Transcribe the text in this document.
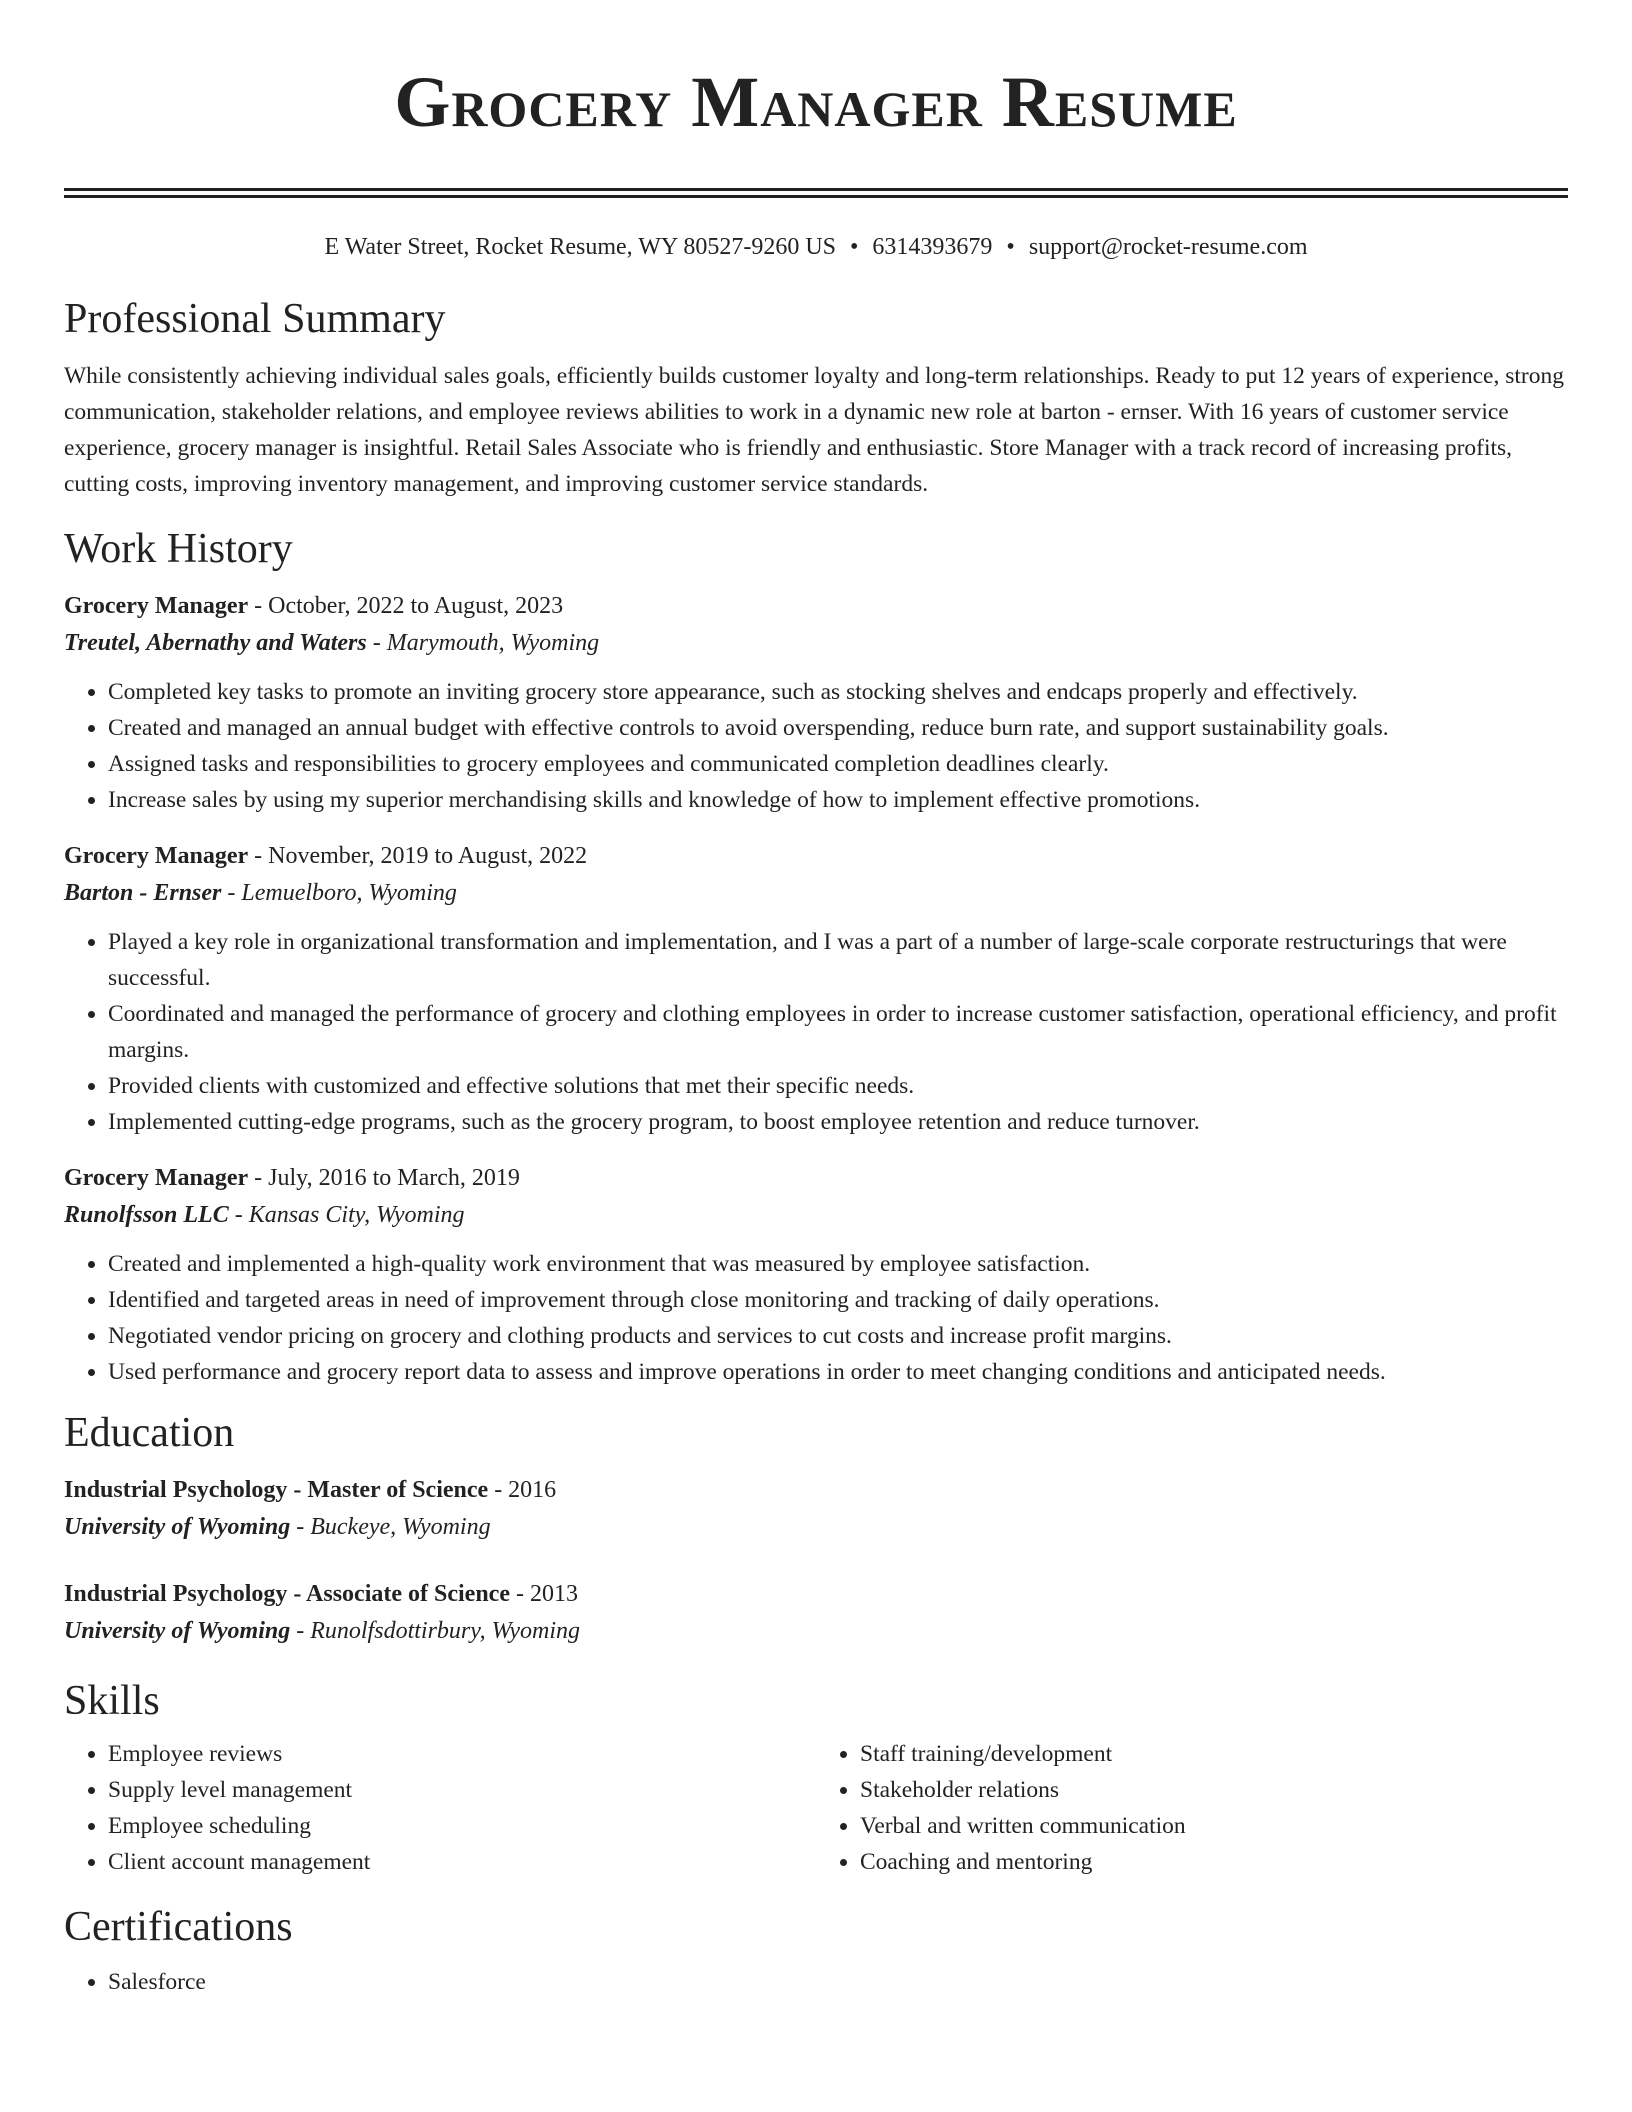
Grocery Manager Resume
E Water Street, Rocket Resume, WY 80527-9260 US • 6314393679 • support@rocket-resume.com
Professional Summary

While consistently achieving individual sales goals, efficiently builds customer loyalty and long-term relationships. Ready to put 12 years of experience, strong communication, stakeholder relations, and employee reviews abilities to work in a dynamic new role at barton - ernser. With 16 years of customer service experience, grocery manager is insightful. Retail Sales Associate who is friendly and enthusiastic. Store Manager with a track record of increasing profits, cutting costs, improving inventory management, and improving customer service standards.

Work History
Grocery Manager - October, 2022 to August, 2023
Treutel, Abernathy and Waters - Marymouth, Wyoming
• Completed key tasks to promote an inviting grocery store appearance, such as stocking shelves and endcaps properly and effectively.
• Created and managed an annual budget with effective controls to avoid overspending, reduce burn rate, and support sustainability goals.
• Assigned tasks and responsibilities to grocery employees and communicated completion deadlines clearly.
• Increase sales by using my superior merchandising skills and knowledge of how to implement effective promotions.
Grocery Manager - November, 2019 to August, 2022
Barton - Ernser - Lemuelboro, Wyoming
• Played a key role in organizational transformation and implementation, and I was a part of a number of large-scale corporate restructurings that were successful.
• Coordinated and managed the performance of grocery and clothing employees in order to increase customer satisfaction, operational efficiency, and profit margins.
• Provided clients with customized and effective solutions that met their specific needs.
• Implemented cutting-edge programs, such as the grocery program, to boost employee retention and reduce turnover.
Grocery Manager - July, 2016 to March, 2019
Runolfsson LLC - Kansas City, Wyoming
• Created and implemented a high-quality work environment that was measured by employee satisfaction.
• Identified and targeted areas in need of improvement through close monitoring and tracking of daily operations.
• Negotiated vendor pricing on grocery and clothing products and services to cut costs and increase profit margins.
• Used performance and grocery report data to assess and improve operations in order to meet changing conditions and anticipated needs.
Education
Industrial Psychology - Master of Science - 2016
University of Wyoming - Buckeye, Wyoming
Industrial Psychology - Associate of Science - 2013
University of Wyoming - Runolfsdottirbury, Wyoming
Skills
• Employee reviews
• Supply level management
• Employee scheduling
• Client account management
• Staff training/development
• Stakeholder relations
• Verbal and written communication
• Coaching and mentoring
Certifications
• Salesforce
